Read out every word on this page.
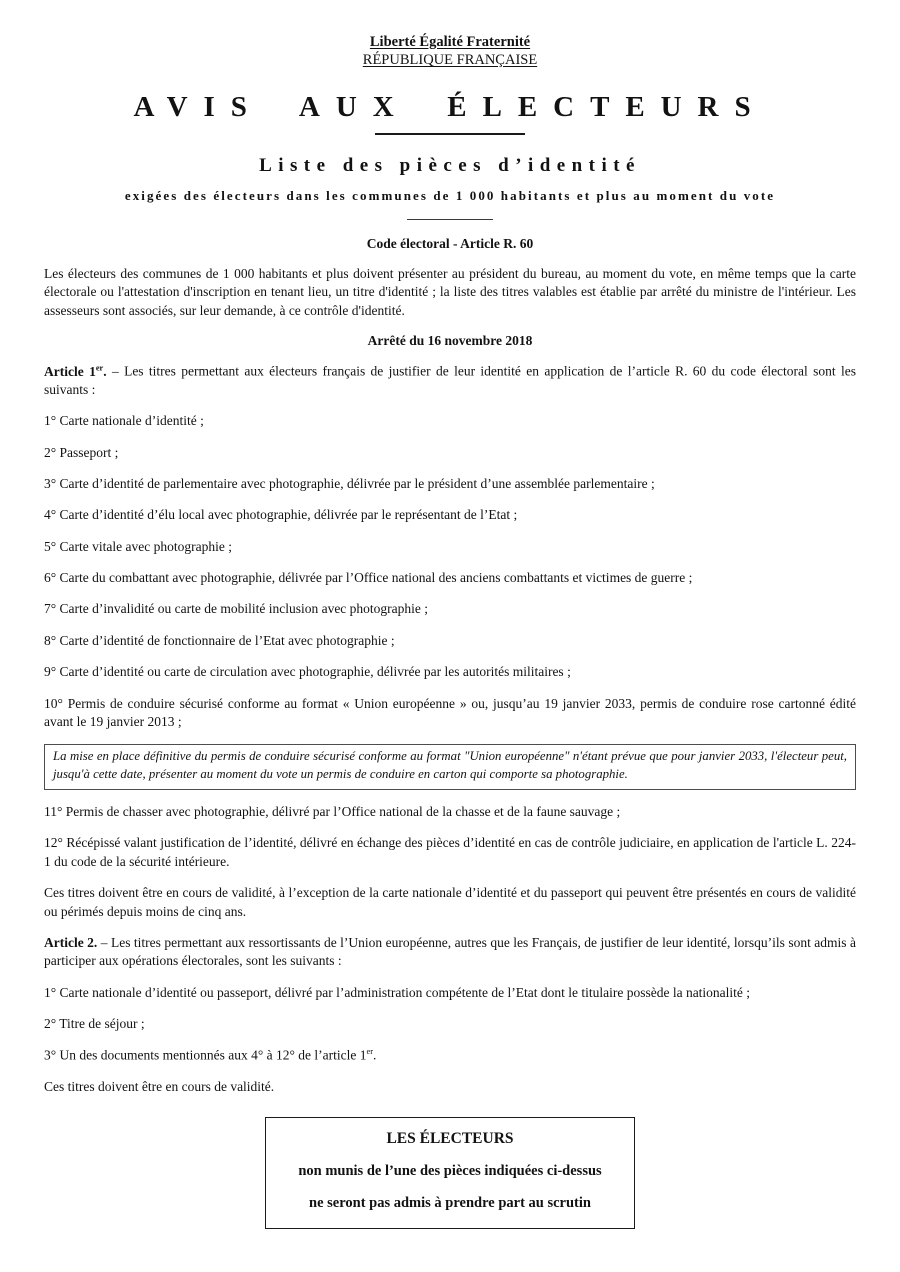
Liberté Égalité Fraternité
RÉPUBLIQUE FRANÇAISE
AVIS AUX ÉLECTEURS
Liste des pièces d’identité
exigées des électeurs dans les communes de 1 000 habitants et plus au moment du vote
Code électoral - Article R. 60

Les électeurs des communes de 1 000 habitants et plus doivent présenter au président du bureau, au moment du vote, en même temps que la carte électorale ou l'attestation d'inscription en tenant lieu, un titre d'identité ; la liste des titres valables est établie par arrêté du ministre de l'intérieur. Les assesseurs sont associés, sur leur demande, à ce contrôle d'identité.

Arrêté du 16 novembre 2018

Article 1er. – Les titres permettant aux électeurs français de justifier de leur identité en application de l’article R. 60 du code électoral sont les suivants :

1° Carte nationale d’identité ;

2° Passeport ;

3° Carte d’identité de parlementaire avec photographie, délivrée par le président d’une assemblée parlementaire ;

4° Carte d’identité d’élu local avec photographie, délivrée par le représentant de l’Etat ;

5° Carte vitale avec photographie ;

6° Carte du combattant avec photographie, délivrée par l’Office national des anciens combattants et victimes de guerre ;

7° Carte d’invalidité ou carte de mobilité inclusion avec photographie ;

8° Carte d’identité de fonctionnaire de l’Etat avec photographie ;

9° Carte d’identité ou carte de circulation avec photographie, délivrée par les autorités militaires ;

10° Permis de conduire sécurisé conforme au format « Union européenne » ou, jusqu’au 19 janvier 2033, permis de conduire rose cartonné édité avant le 19 janvier 2013 ;

La mise en place définitive du permis de conduire sécurisé conforme au format "Union européenne" n'étant prévue que pour janvier 2033, l'électeur peut, jusqu'à cette date, présenter au moment du vote un permis de conduire en carton qui comporte sa photographie.

11° Permis de chasser avec photographie, délivré par l’Office national de la chasse et de la faune sauvage ;

12° Récépissé valant justification de l’identité, délivré en échange des pièces d’identité en cas de contrôle judiciaire, en application de l'article L. 224-1 du code de la sécurité intérieure.

Ces titres doivent être en cours de validité, à l’exception de la carte nationale d’identité et du passeport qui peuvent être présentés en cours de validité ou périmés depuis moins de cinq ans.

Article 2. – Les titres permettant aux ressortissants de l’Union européenne, autres que les Français, de justifier de leur identité, lorsqu’ils sont admis à participer aux opérations électorales, sont les suivants :

1° Carte nationale d’identité ou passeport, délivré par l’administration compétente de l’Etat dont le titulaire possède la nationalité ;

2° Titre de séjour ;

3° Un des documents mentionnés aux 4° à 12° de l’article 1er.

Ces titres doivent être en cours de validité.

LES ÉLECTEURS
non munis de l’une des pièces indiquées ci-dessus
ne seront pas admis à prendre part au scrutin
